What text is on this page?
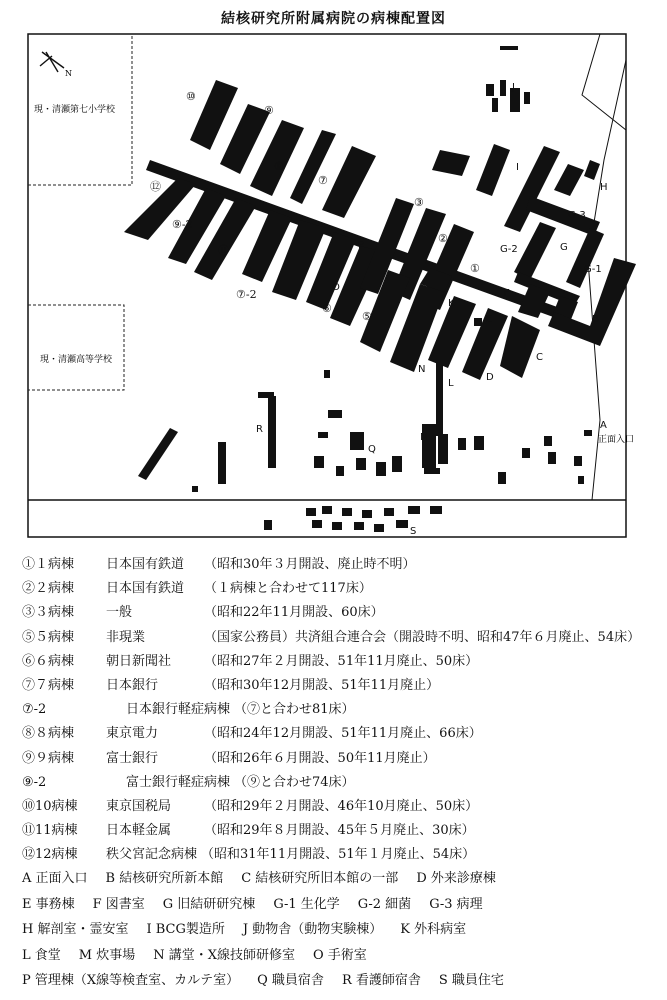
結核研究所附属病院の病棟配置図
現・清瀬第七小学校
現・清瀬高等学校
N
⑩
⑨
⑧
⑦
⑫
⑨-2
⑪
⑦-2
⑥
⑤
③
②
①
J
I
H
G-3
G
G-2
G-1
F
E	B
C
D
K
P
O
N
L
M
R
Q
S
A
正面入口
①１病棟 日本国有鉄道 （昭和30年３月開設、廃止時不明）
②２病棟 日本国有鉄道 （１病棟と合わせて117床）
③３病棟 一般	（昭和22年11月開設、60床）
⑤５病棟 非現業	（国家公務員）共済組合連合会（開設時不明、昭和47年６月廃止、54床）
⑥６病棟 朝日新聞社	（昭和27年２月開設、51年11月廃止、50床）
⑦７病棟 日本銀行	（昭和30年12月開設、51年11月廃止）
⑦-2	日本銀行軽症病棟 （⑦と合わせ81床）
⑧８病棟 東京電力	（昭和24年12月開設、51年11月廃止、66床）
⑨９病棟 富士銀行	（昭和26年６月開設、50年11月廃止）
⑨-2	富士銀行軽症病棟 （⑨と合わせ74床）
⑩10病棟 東京国税局	（昭和29年２月開設、46年10月廃止、50床）
⑪11病棟 日本軽金属	（昭和29年８月開設、45年５月廃止、30床）
⑫12病棟 秩父宮記念病棟 （昭和31年11月開設、51年１月廃止、54床）
A 正面入口 B 結核研究所新本館 C 結核研究所旧本館の一部 D 外来診療棟
E 事務棟 F 図書室 G 旧結研研究棟 G-1 生化学 G-2 細菌 G-3 病理
H 解剖室・霊安室 I BCG製造所 J 動物舎（動物実験棟） K 外科病室
L 食堂 M 炊事場 N 講堂・X線技師研修室 O 手術室
P 管理棟（X線等検査室、カルテ室） Q 職員宿舎 R 看護師宿舎 S 職員住宅
